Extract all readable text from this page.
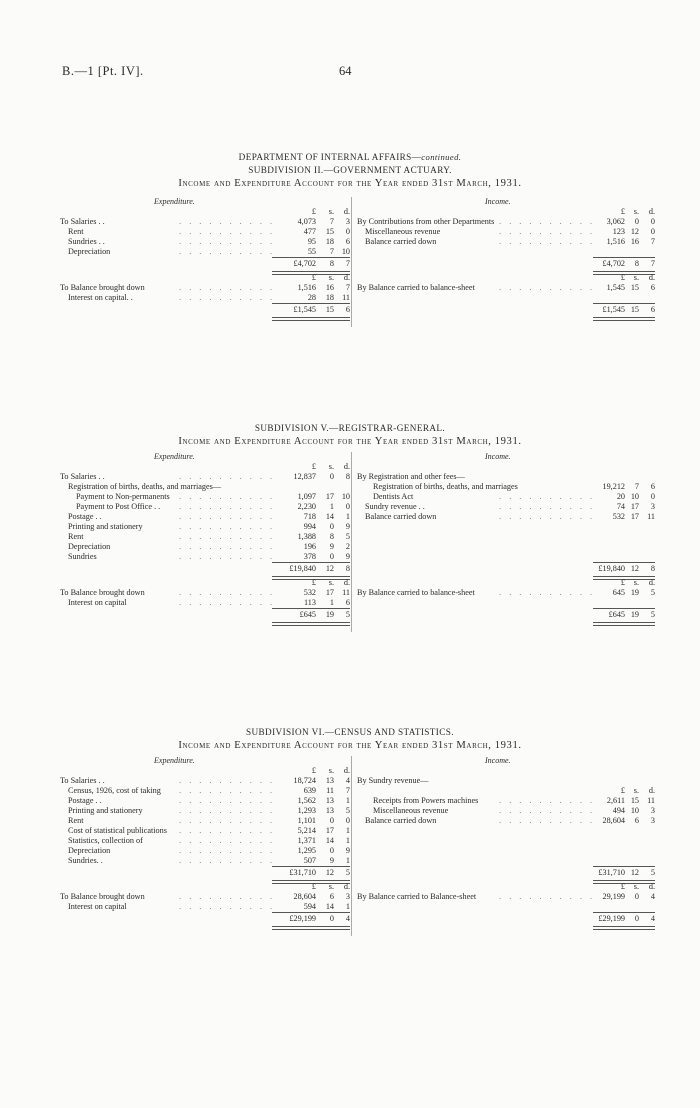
B.—1 [Pt. IV].	64
DEPARTMENT OF INTERNAL AFFAIRS—continued.
SUBDIVISION II.—GOVERNMENT ACTUARY.
Income and Expenditure Account for the Year ended 31st March, 1931.
Expenditure.
£	s.	d.
. . . . . . . . . .
To Salaries . .	4,073	7	3
. . . . . . . . . .
Rent	477	15	0
. . . . . . . . . .
Sundries . .	95	18	6
. . . . . . . . . .
Depreciation	55	7 10
£4,702	8	7
£	s.	d.
. . . . . . . . . .
To Balance brought down	1,516	16	7
. . . . . . . . . .
Interest on capital. .	28	18 11
£1,545	15	6
Income.
£	s.	d.
. . . . . . . . . .
By Contributions from other Departments	3,062	0	0
. . . . . . . . . .
Miscellaneous revenue	123 12	0
. . . . . . . . . .
Balance carried down	1,516 16	7
£4,702	8	7
£	s.	d.
. . . . . . . . . .
By Balance carried to balance-sheet	1,545 15	6
£1,545 15	6
SUBDIVISION V.—REGISTRAR-GENERAL.
Income and Expenditure Account for the Year ended 31st March, 1931.
Expenditure.
£	s.	d.
. . . . . . . . . .
To Salaries . .	12,837	0	8
Registration of births, deaths, and marriages—
. . . . . . . . . .
Payment to Non-permanents	1,097	17 10
. . . . . . . . . .
Payment to Post Office . .	2,230	1	0
. . . . . . . . . .
Postage . .	718	14	1
. . . . . . . . . .
Printing and stationery	994	0	9
. . . . . . . . . .
Rent	1,388	8	5
. . . . . . . . . .
Depreciation	196	9	2
. . . . . . . . . .
Sundries	378	0	9
£19,840	12	8
£	s.	d.
. . . . . . . . . .
To Balance brought down	532	17 11
. . . . . . . . . .
Interest on capital	113	1	6
£645	19	5
Income.
By Registration and other fees—
Registration of births, deaths, and marriages	19,212	7	6
. . . . . . . . . .
Dentists Act	20 10	0
. . . . . . . . . .
Sundry revenue . .	74 17	3
. . . . . . . . . .
Balance carried down	532 17 11
£19,840 12	8
£	s.	d.
. . . . . . . . . .
By Balance carried to balance-sheet	645 19	5
£645 19	5
SUBDIVISION VI.—CENSUS AND STATISTICS.
Income and Expenditure Account for the Year ended 31st March, 1931.
Expenditure.
£	s.	d.
. . . . . . . . . .
To Salaries . .	18,724	13	4
. . . . . . . . . .
Census, 1926, cost of taking	639	11	7
. . . . . . . . . .
Postage . .	1,562	13	1
. . . . . . . . . .
Printing and stationery	1,293	13	5
. . . . . . . . . .
Rent	1,101	0	0
. . . . . . . . . .
Cost of statistical publications	5,214	17	1
. . . . . . . . . .
Statistics, collection of	1,371	14	1
. . . . . . . . . .
Depreciation	1,295	0	9
. . . . . . . . . .
Sundries. .	507	9	1
£31,710	12	5
£	s.	d.
. . . . . . . . . .
To Balance brought down	28,604	6	3
. . . . . . . . . .
Interest on capital	594	14	1
£29,199	0	4
Income.
By Sundry revenue—
£	s.	d.
. . . . . . . . . .
Receipts from Powers machines	2,611 15 11
. . . . . . . . . .
Miscellaneous revenue	494 10	3
. . . . . . . . . .
Balance carried down	28,604	6	3
£31,710 12	5
£	s.	d.
. . . . . . . . . .
By Balance carried to Balance-sheet	29,199	0	4
£29,199	0	4
